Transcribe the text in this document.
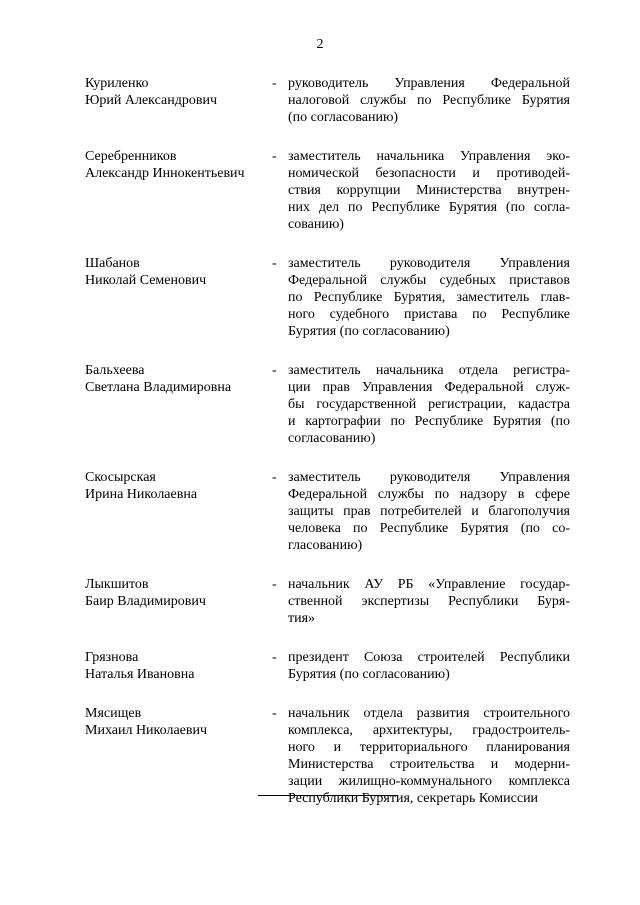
2
Куриленко
Юрий Александрович
- руководитель Управления Федеральной
налоговой службы по Республике Бурятия
(по согласованию)
Серебренников
Александр Иннокентьевич
- заместитель начальника Управления эко-
номической безопасности и противодей-
ствия коррупции Министерства внутрен-
них дел по Республике Бурятия (по согла-
сованию)
Шабанов
Николай Семенович
- заместитель руководителя Управления
Федеральной службы судебных приставов
по Республике Бурятия, заместитель глав-
ного судебного пристава по Республике
Бурятия (по согласованию)
Бальхеева
Светлана Владимировна
- заместитель начальника отдела регистра-
ции прав Управления Федеральной служ-
бы государственной регистрации, кадастра
и картографии по Республике Бурятия (по
согласованию)
Скосырская
Ирина Николаевна
- заместитель руководителя Управления
Федеральной службы по надзору в сфере
защиты прав потребителей и благополучия
человека по Республике Бурятия (по со-
гласованию)
Лыкшитов
Баир Владимирович
- начальник АУ РБ «Управление государ-
ственной экспертизы Республики Буря-
тия»
Грязнова
Наталья Ивановна
- президент Союза строителей Республики
Бурятия (по согласованию)
Мясищев
Михаил Николаевич
- начальник отдела развития строительного
комплекса, архитектуры, градостроитель-
ного и территориального планирования
Министерства строительства и модерни-
зации жилищно-коммунального комплекса
Республики Бурятия, секретарь Комиссии
